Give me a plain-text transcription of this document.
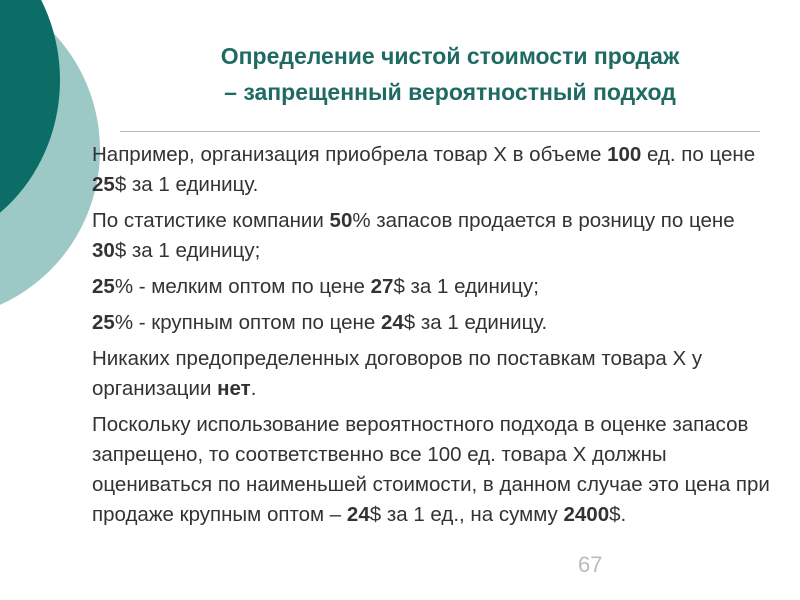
Определение чистой стоимости продаж
– запрещенный вероятностный подход

Например, организация приобрела товар Х в объеме 100 ед. по цене 25$ за 1 единицу.

По статистике компании 50% запасов продается в розницу по цене 30$ за 1 единицу;

25% - мелким оптом по цене 27$ за 1 единицу;

25% - крупным оптом по цене 24$ за 1 единицу.

Никаких предопределенных договоров по поставкам товара Х у организации нет.

Поскольку использование вероятностного подхода в оценке запасов запрещено, то соответственно все 100 ед. товара Х должны оцениваться по наименьшей стоимости, в данном случае это цена при продаже крупным оптом – 24$ за 1 ед., на сумму 2400$.

67
